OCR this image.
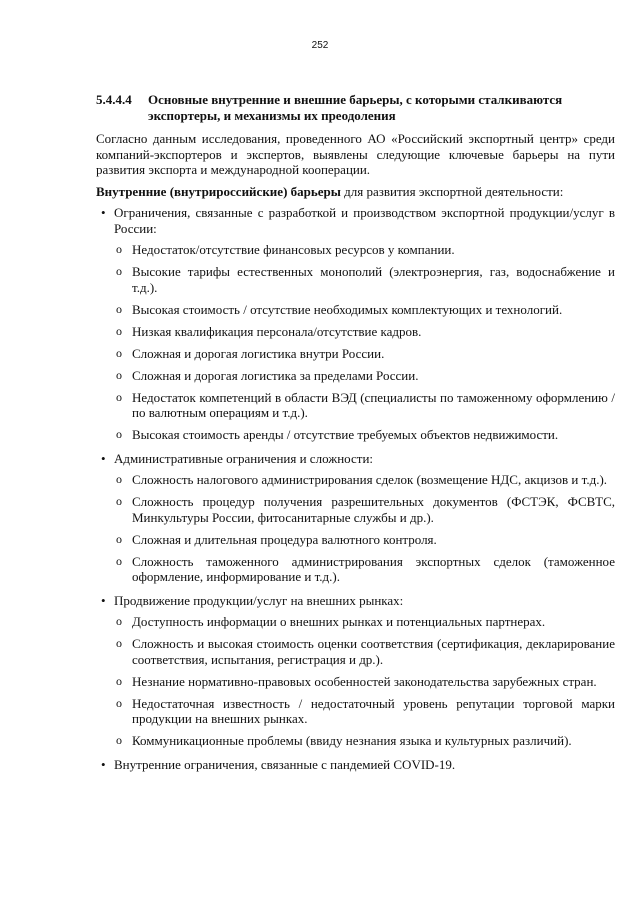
252
5.4.4.4	Основные внутренние и внешние барьеры, с которыми сталкиваются экспортеры, и механизмы их преодоления

Согласно данным исследования, проведенного АО «Российский экспортный центр» среди компаний-экспортеров и экспертов, выявлены следующие ключевые барьеры на пути развития экспорта и международной кооперации.

Внутренние (внутрироссийские) барьеры для развития экспортной деятельности:

• Ограничения, связанные с разработкой и производством экспортной продукции/услуг в России:
o Недостаток/отсутствие финансовых ресурсов у компании.
o Высокие тарифы естественных монополий (электроэнергия, газ, водоснабжение и т.д.).
o Высокая стоимость / отсутствие необходимых комплектующих и технологий.
o Низкая квалификация персонала/отсутствие кадров.
o Сложная и дорогая логистика внутри России.
o Сложная и дорогая логистика за пределами России.
o Недостаток компетенций в области ВЭД (специалисты по таможенному оформлению / по валютным операциям и т.д.).
o Высокая стоимость аренды / отсутствие требуемых объектов недвижимости.
• Административные ограничения и сложности:
o Сложность налогового администрирования сделок (возмещение НДС, акцизов и т.д.).
o Сложность процедур получения разрешительных документов (ФСТЭК, ФСВТС, Минкультуры России, фитосанитарные службы и др.).
o Сложная и длительная процедура валютного контроля.
o Сложность таможенного администрирования экспортных сделок (таможенное оформление, информирование и т.д.).
• Продвижение продукции/услуг на внешних рынках:
o Доступность информации о внешних рынках и потенциальных партнерах.
o Сложность и высокая стоимость оценки соответствия (сертификация, декларирование соответствия, испытания, регистрация и др.).
o Незнание нормативно-правовых особенностей законодательства зарубежных стран.
o Недостаточная известность / недостаточный уровень репутации торговой марки продукции на внешних рынках.
o Коммуникационные проблемы (ввиду незнания языка и культурных различий).
• Внутренние ограничения, связанные с пандемией COVID-19.
